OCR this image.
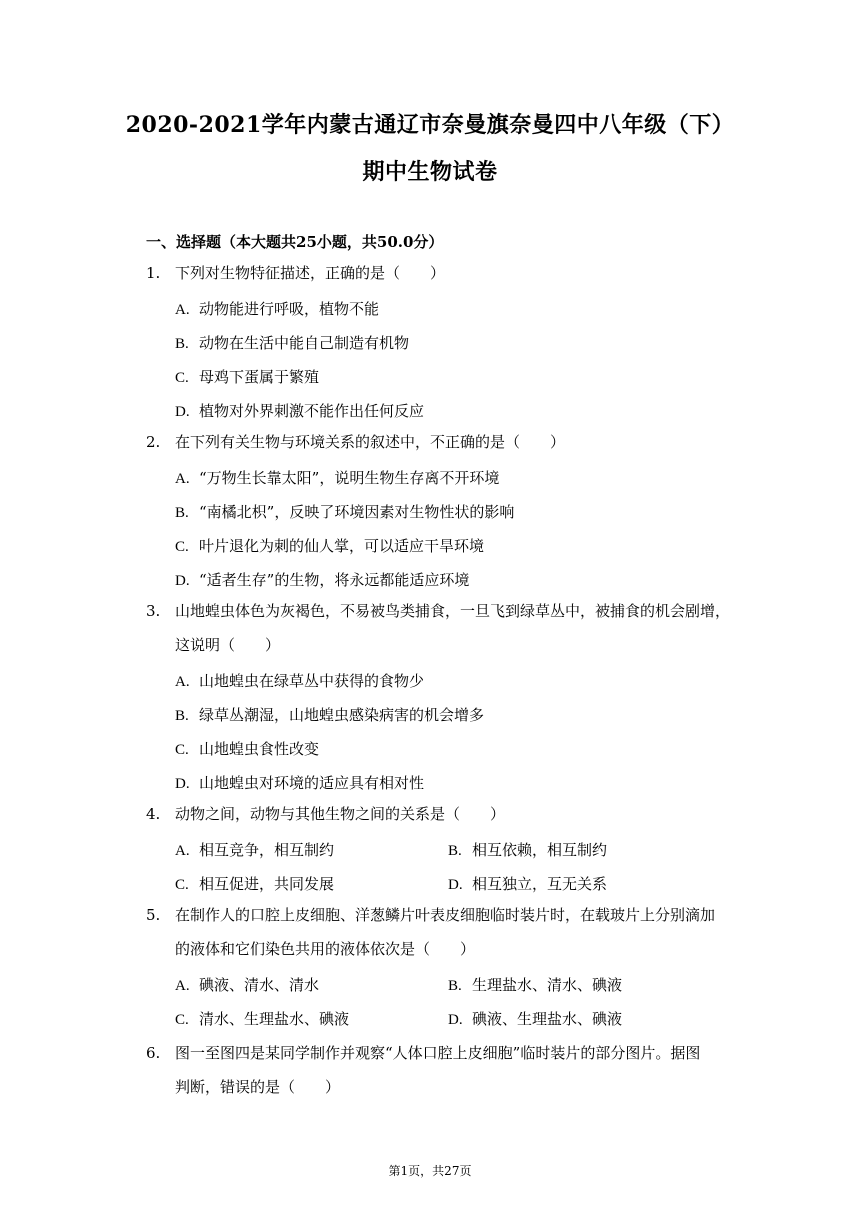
2020-2021学年内蒙古通辽市奈曼旗奈曼四中八年级（下）
期中生物试卷
一、选择题（本大题共25小题，共50.0分）
1. 下列对生物特征描述，正确的是（　　）
A. 动物能进行呼吸，植物不能
B. 动物在生活中能自己制造有机物
C. 母鸡下蛋属于繁殖
D. 植物对外界刺激不能作出任何反应
2. 在下列有关生物与环境关系的叙述中，不正确的是（　　）
A. “万物生长靠太阳”，说明生物生存离不开环境
B. “南橘北枳”，反映了环境因素对生物性状的影响
C. 叶片退化为刺的仙人掌，可以适应干旱环境
D. “适者生存”的生物，将永远都能适应环境
3. 山地蝗虫体色为灰褐色，不易被鸟类捕食，一旦飞到绿草丛中，被捕食的机会剧增，
这说明（　　）
A. 山地蝗虫在绿草丛中获得的食物少
B. 绿草丛潮湿，山地蝗虫感染病害的机会增多
C. 山地蝗虫食性改变
D. 山地蝗虫对环境的适应具有相对性
4. 动物之间，动物与其他生物之间的关系是（　　）
A. 相互竞争，相互制约	B. 相互依赖，相互制约
C. 相互促进，共同发展	D. 相互独立，互无关系
5. 在制作人的口腔上皮细胞、洋葱鳞片叶表皮细胞临时装片时，在载玻片上分别滴加
的液体和它们染色共用的液体依次是（　　）
A. 碘液、清水、清水	B. 生理盐水、清水、碘液
C. 清水、生理盐水、碘液	D. 碘液、生理盐水、碘液
6. 图一至图四是某同学制作并观察“人体口腔上皮细胞”临时装片的部分图片。据图
判断，错误的是（　　）
第1页，共27页
